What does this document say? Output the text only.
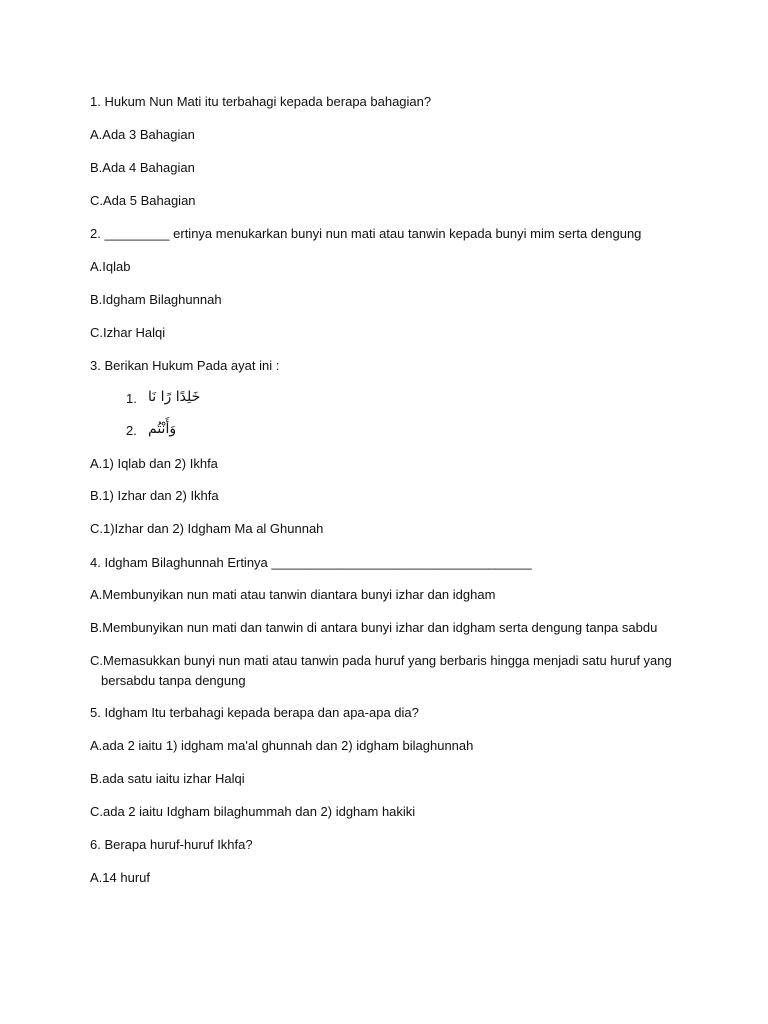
1. Hukum Nun Mati itu terbahagi kepada berapa bahagian?

A.Ada 3 Bahagian

B.Ada 4 Bahagian

C.Ada 5 Bahagian

2. _________ ertinya menukarkan bunyi nun mati atau tanwin kepada bunyi mim serta dengung

A.Iqlab

B.Idgham Bilaghunnah

C.Izhar Halqi

3. Berikan Hukum Pada ayat ini :

1. خَلِدًا رًا نَا

2. وَأَنْتُم

A.1) Iqlab dan 2) Ikhfa

B.1) Izhar dan 2) Ikhfa

C.1)Izhar dan 2) Idgham Ma al Ghunnah

4. Idgham Bilaghunnah Ertinya ____________________________________

A.Membunyikan nun mati atau tanwin diantara bunyi izhar dan idgham

B.Membunyikan nun mati dan tanwin di antara bunyi izhar dan idgham serta dengung tanpa sabdu

C.Memasukkan bunyi nun mati atau tanwin pada huruf yang berbaris hingga menjadi satu huruf yang

bersabdu tanpa dengung

5. Idgham Itu terbahagi kepada berapa dan apa-apa dia?

A.ada 2 iaitu 1) idgham ma'al ghunnah dan 2) idgham bilaghunnah

B.ada satu iaitu izhar Halqi

C.ada 2 iaitu Idgham bilaghummah dan 2) idgham hakiki

6. Berapa huruf-huruf Ikhfa?

A.14 huruf
